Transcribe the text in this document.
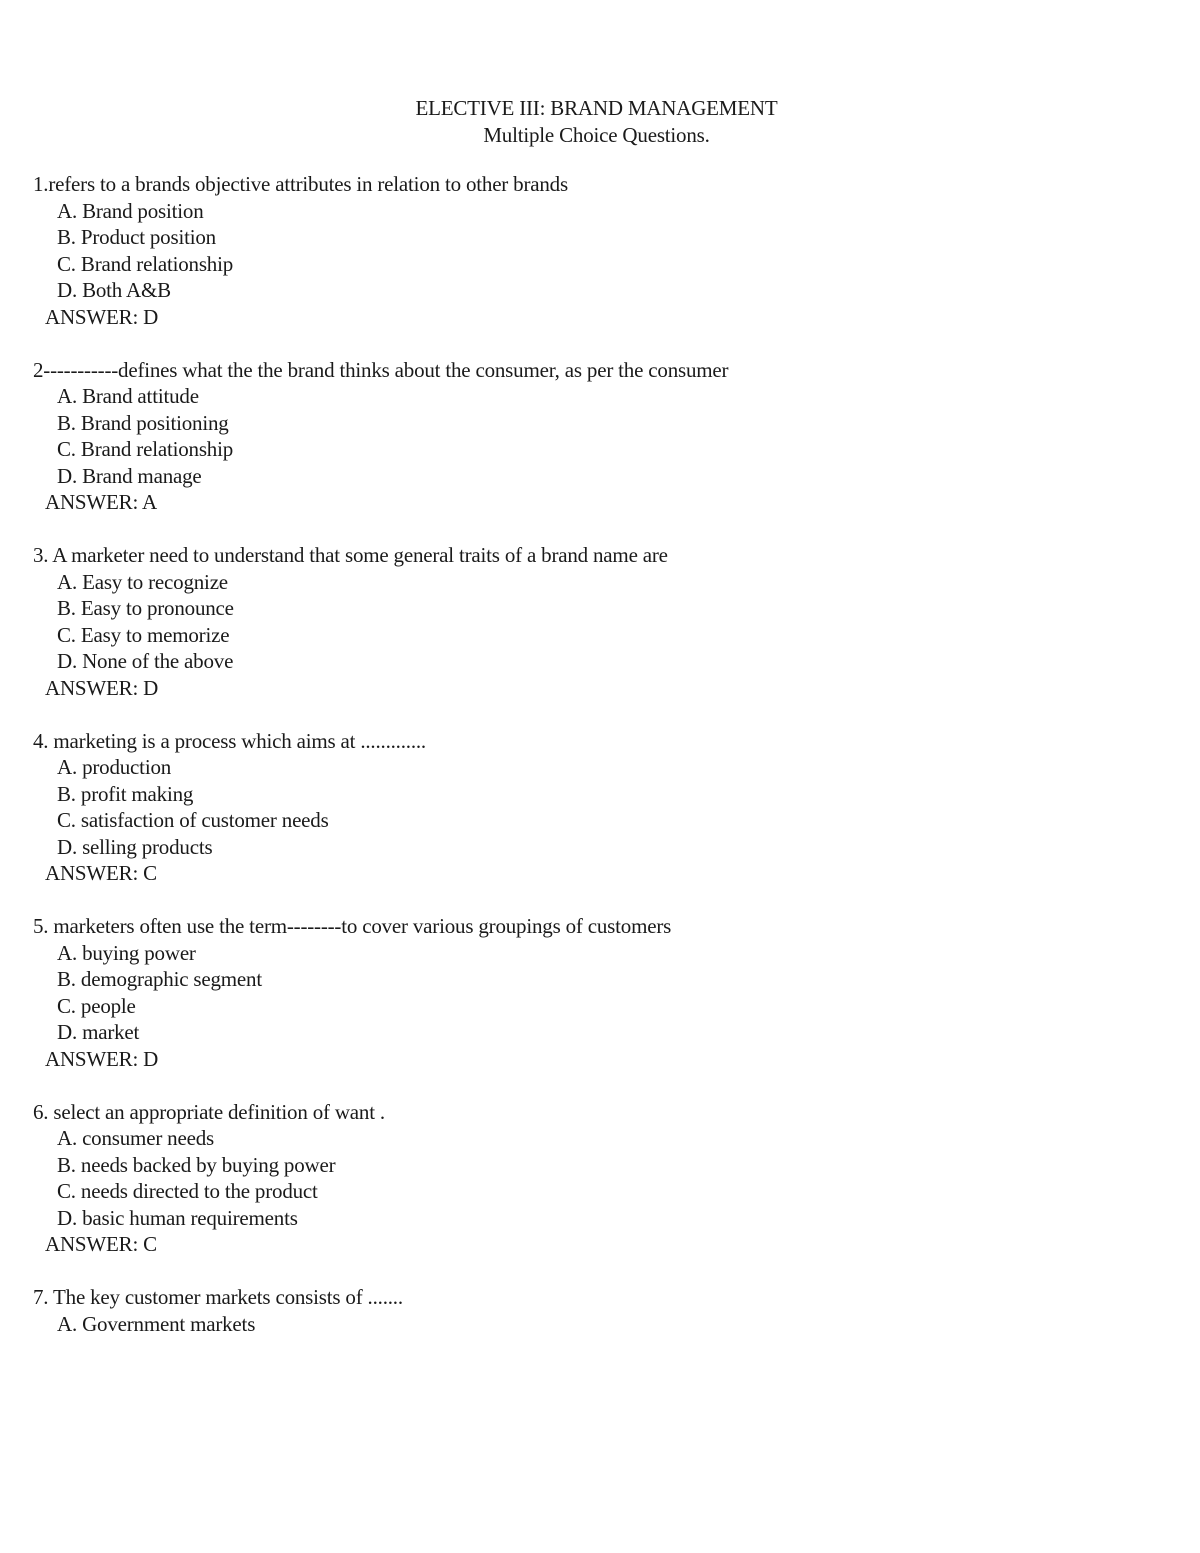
ELECTIVE III: BRAND MANAGEMENT
Multiple Choice Questions.
1.refers to a brands objective attributes in relation to other brands
A. Brand position
B. Product position
C. Brand relationship
D. Both A&B
ANSWER: D
2-----------defines what the the brand thinks about the consumer, as per the consumer
A. Brand attitude
B. Brand positioning
C. Brand relationship
D. Brand manage
ANSWER: A
3. A marketer need to understand that some general traits of a brand name are
A. Easy to recognize
B. Easy to pronounce
C. Easy to memorize
D. None of the above
ANSWER: D
4. marketing is a process which aims at .............
A. production
B. profit making
C. satisfaction of customer needs
D. selling products
ANSWER: C
5. marketers often use the term--------to cover various groupings of customers
A. buying power
B. demographic segment
C. people
D. market
ANSWER: D
6. select an appropriate definition of want .
A. consumer needs
B. needs backed by buying power
C. needs directed to the product
D. basic human requirements
ANSWER: C
7. The key customer markets consists of .......
A. Government markets
